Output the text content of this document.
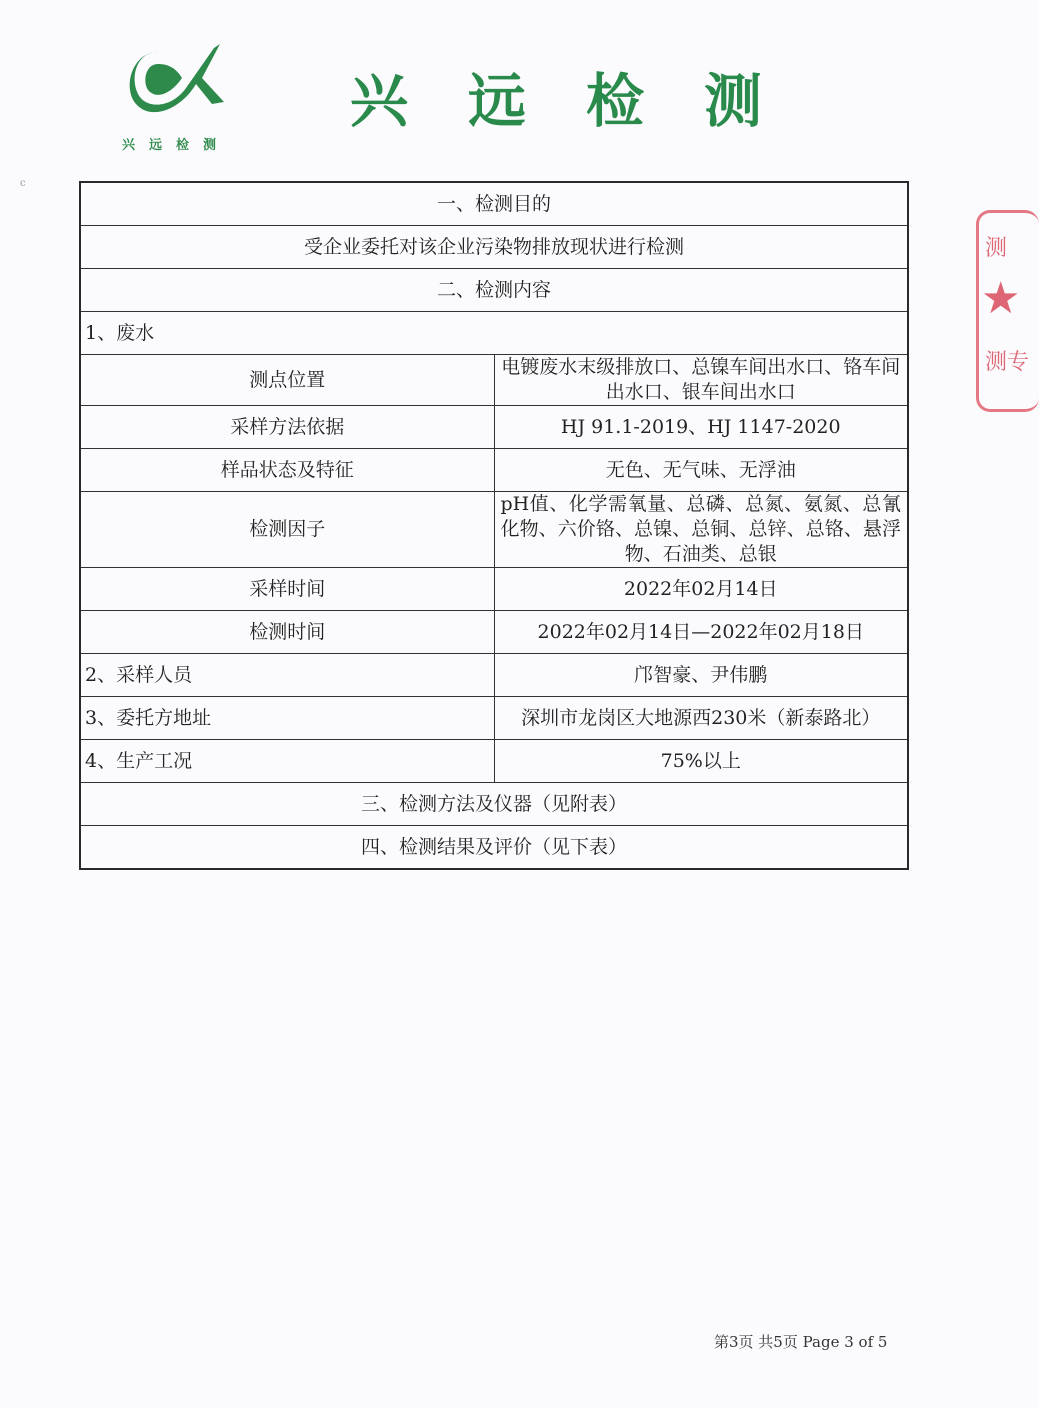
兴远检测
兴远检测
测
★
测专
c
一、检测目的	
受企业委托对该企业污染物排放现状进行检测	
二、检测内容	
1、废水	
测点位置	电镀废水末级排放口、总镍车间出水口、铬车间出水口、银车间出水口
采样方法依据	HJ 91.1-2019、HJ 1147-2020
样品状态及特征	无色、无气味、无浮油
检测因子	pH值、化学需氧量、总磷、总氮、氨氮、总氰化物、六价铬、总镍、总铜、总锌、总铬、悬浮物、石油类、总银
采样时间	2022年02月14日
检测时间	2022年02月14日—2022年02月18日
2、采样人员	邝智豪、尹伟鹏
3、委托方地址	深圳市龙岗区大地源西230米（新泰路北）
4、生产工况	75%以上
三、检测方法及仪器（见附表）	
四、检测结果及评价（见下表）	
第3页 共5页 Page 3 of 5
